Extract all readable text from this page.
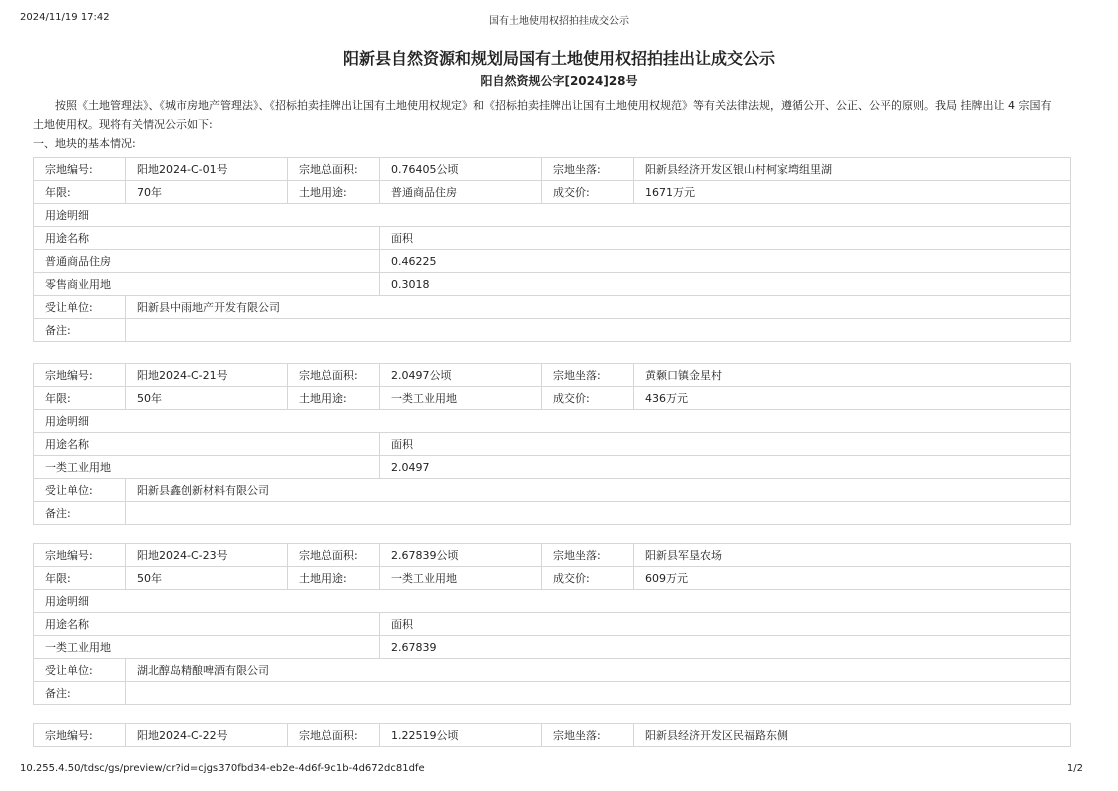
2024/11/19 17:42	国有土地使用权招拍挂成交公示
阳新县自然资源和规划局国有土地使用权招拍挂出让成交公示
阳自然资规公字[2024]28号
按照《土地管理法》、《城市房地产管理法》、《招标拍卖挂牌出让国有土地使用权规定》和《招标拍卖挂牌出让国有土地使用权规范》等有关法律法规，遵循公开、公正、公平的原则。我局 挂牌出让 4 宗国有土地使用权。现将有关情况公示如下:
一、地块的基本情况:
宗地编号:	阳地2024-C-01号	宗地总面积:	0.76405公顷	宗地坐落:	阳新县经济开发区银山村柯家塆组里湖
年限:	70年	土地用途:	普通商品住房	成交价:	1671万元
用途明细					
用途名称			面积		
普通商品住房			0.46225		
零售商业用地			0.3018		
受让单位:	阳新县中雨地产开发有限公司				
备注:					
宗地编号:	阳地2024-C-21号	宗地总面积:	2.0497公顷	宗地坐落:	黄颡口镇金星村
年限:	50年	土地用途:	一类工业用地	成交价:	436万元
用途明细					
用途名称			面积		
一类工业用地			2.0497		
受让单位:	阳新县鑫创新材料有限公司				
备注:					
宗地编号:	阳地2024-C-23号	宗地总面积:	2.67839公顷	宗地坐落:	阳新县军垦农场
年限:	50年	土地用途:	一类工业用地	成交价:	609万元
用途明细					
用途名称			面积		
一类工业用地			2.67839		
受让单位:	湖北醇岛精酿啤酒有限公司				
备注:					
宗地编号:	阳地2024-C-22号	宗地总面积:	1.22519公顷	宗地坐落:	阳新县经济开发区民福路东侧
10.255.4.50/tdsc/gs/preview/cr?id=cjgs370fbd34-eb2e-4d6f-9c1b-4d672dc81dfe	1/2
